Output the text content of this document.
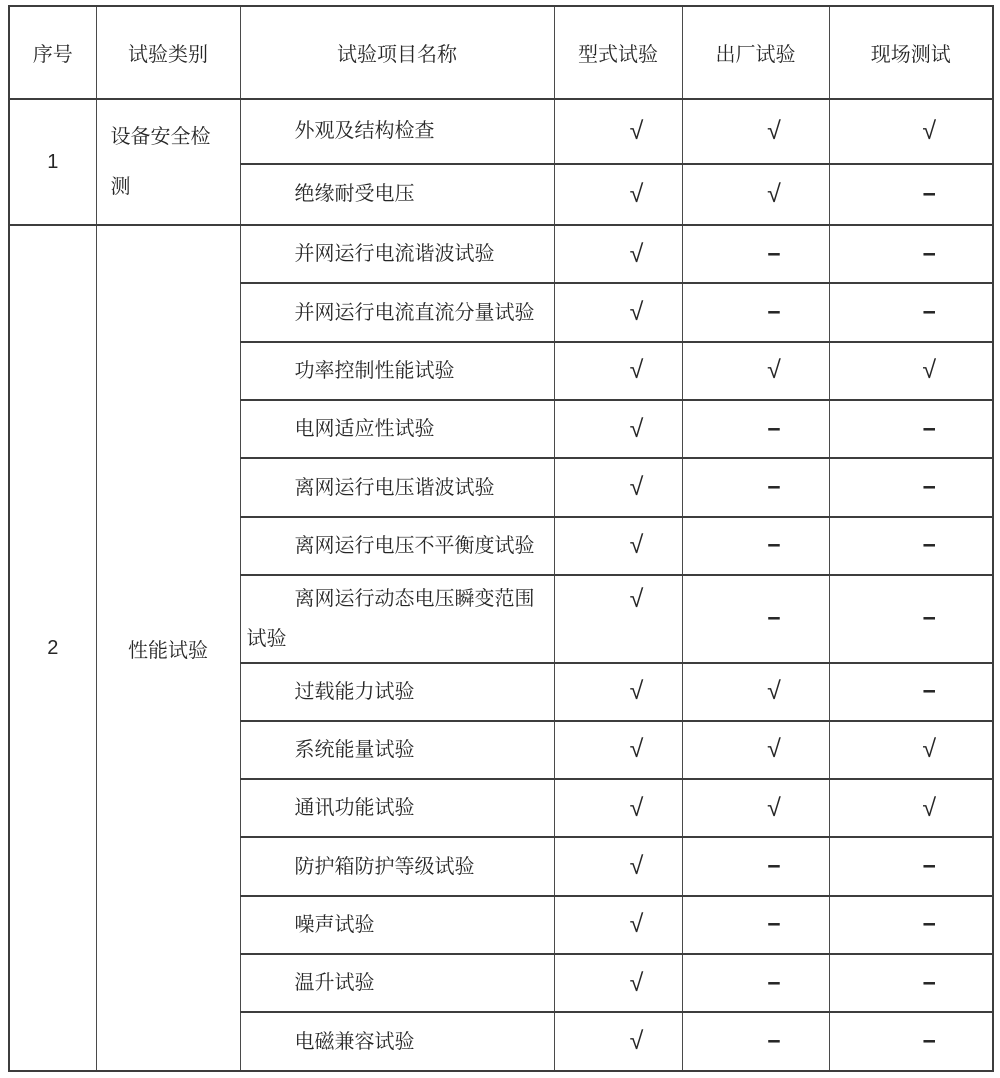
序号	试验类别	试验项目名称	型式试验	出厂试验	现场测试
1	设备安全检测	外观及结构检查	√	√	√
		绝缘耐受电压	√	√	−
2	性能试验	并网运行电流谐波试验	√	−	−
		并网运行电流直流分量试验	√	−	−
		功率控制性能试验	√	√	√
		电网适应性试验	√	−	−
		离网运行电压谐波试验	√	−	−
		离网运行电压不平衡度试验	√	−	−
		离网运行动态电压瞬变范围试验	√	−	−
		过载能力试验	√	√	−
		系统能量试验	√	√	√
		通讯功能试验	√	√	√
		防护箱防护等级试验	√	−	−
		噪声试验	√	−	−
		温升试验	√	−	−
		电磁兼容试验	√	−	−
